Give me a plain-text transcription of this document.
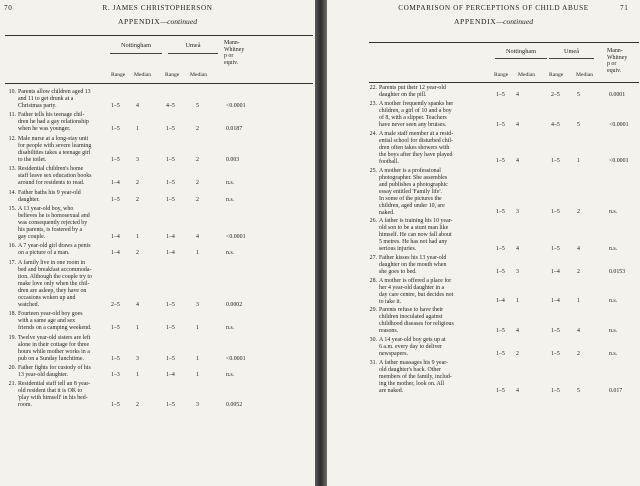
70	R. JAMES CHRISTOPHERSON
APPENDIX—continued
Nottingham	Umeå
Range Median Range Median
Mann-
Whitney
p or
equiv.
10. Parents allow children aged 13
and 11 to get drunk at a
Christmas party.	1–5	4	4–5	5	<0.0001
11. Father tells his teenage chil-
dren he had a gay relationship
when he was younger.	1–5	1	1–5	2	0.0187
12. Male nurse at a long-stay unit
for people with severe learning
disabilities takes a teenage girl
to the toilet.	1–5	3	1–5	2	0.003
13. Residential children's home
staff leave sex education books
around for residents to read.	1–4	2	1–5	2	n.s.
14. Father baths his 9 year-old
daughter.	1–5	2	1–5	2	n.s.
15. A 13 year-old boy, who
believes he is homosexual and
was consequently rejected by
his parents, is fostered by a
gay couple.	1–4	1	1–4	4	<0.0001
16. A 7 year-old girl draws a penis
on a picture of a man.	1–4	2	1–4	1	n.s.
17. A family live in one room in
bed and breakfast accommoda-
tion. Although the couple try to
make love only when the chil-
dren are asleep, they have on
occasions woken up and
watched.	2–5	4	1–5	3	0.0002
18. Fourteen year-old boy goes
with a same age and sex
friends on a camping weekend.	1–5	1	1–5	1	n.s.
19. Twelve year-old sisters are left
alone in their cottage for three
hours while mother works in a
pub on a Sunday lunchtime.	1–5	3	1–5	1	<0.0001
20. Father fights for custody of his
13 year-old daughter.	1–3	1	1–4	1	n.s.
21. Residential staff tell an 8 year-
old resident that it is OK to
'play with himself' in his bed-
room.	1–5	2	1–5	3	0.0052
71
COMPARISON OF PERCEPTIONS OF CHILD ABUSE
APPENDIX—continued
Nottingham	Umeå
Range Median Range Median
Mann-
Whitney
p or
equiv.
22. Parents put their 12 year-old
daughter on the pill.	1–5 4	2–5	5	0.0001
23. A mother frequently spanks her
children, a girl of 10 and a boy
of 8, with a slipper. Teachers
have never seen any bruises.	1–5 4	4–5	5	<0.0001
24. A male staff member at a resid-
ential school for disturbed chil-
dren often takes showers with
the boys after they have played
football.	1–5 4	1–5	1	<0.0001
25. A mother is a professional
photographer. She assembles
and publishes a photographic
essay entitled 'Family life'.
In some of the pictures the
children, aged under 10, are
naked.	1–5 3	1–5	2	n.s.
26. A father is training his 10 year-
old son to be a stunt man like
himself. He can now fall about
5 metres. He has not had any
serious injuries.	1–5 4	1–5	4	n.s.
27. Father kisses his 13 year-old
daughter on the mouth when
she goes to bed.	1–5 3	1–4	2	0.0153
28. A mother is offered a place for
her 4 year-old daughter in a
day care centre, but decides not
to take it.	1–4 1	1–4	1	n.s.
29. Parents refuse to have their
children inoculated against
childhood diseases for religious
reasons.	1–5 4	1–5	4	n.s.
30. A 14 year-old boy gets up at
6 a.m. every day to deliver
newspapers.	1–5 2	1–5	2	n.s.
31. A father massages his 9 year-
old daughter's back. Other
members of the family, includ-
ing the mother, look on. All
are naked.	1–5 4	1–5	5	0.017
